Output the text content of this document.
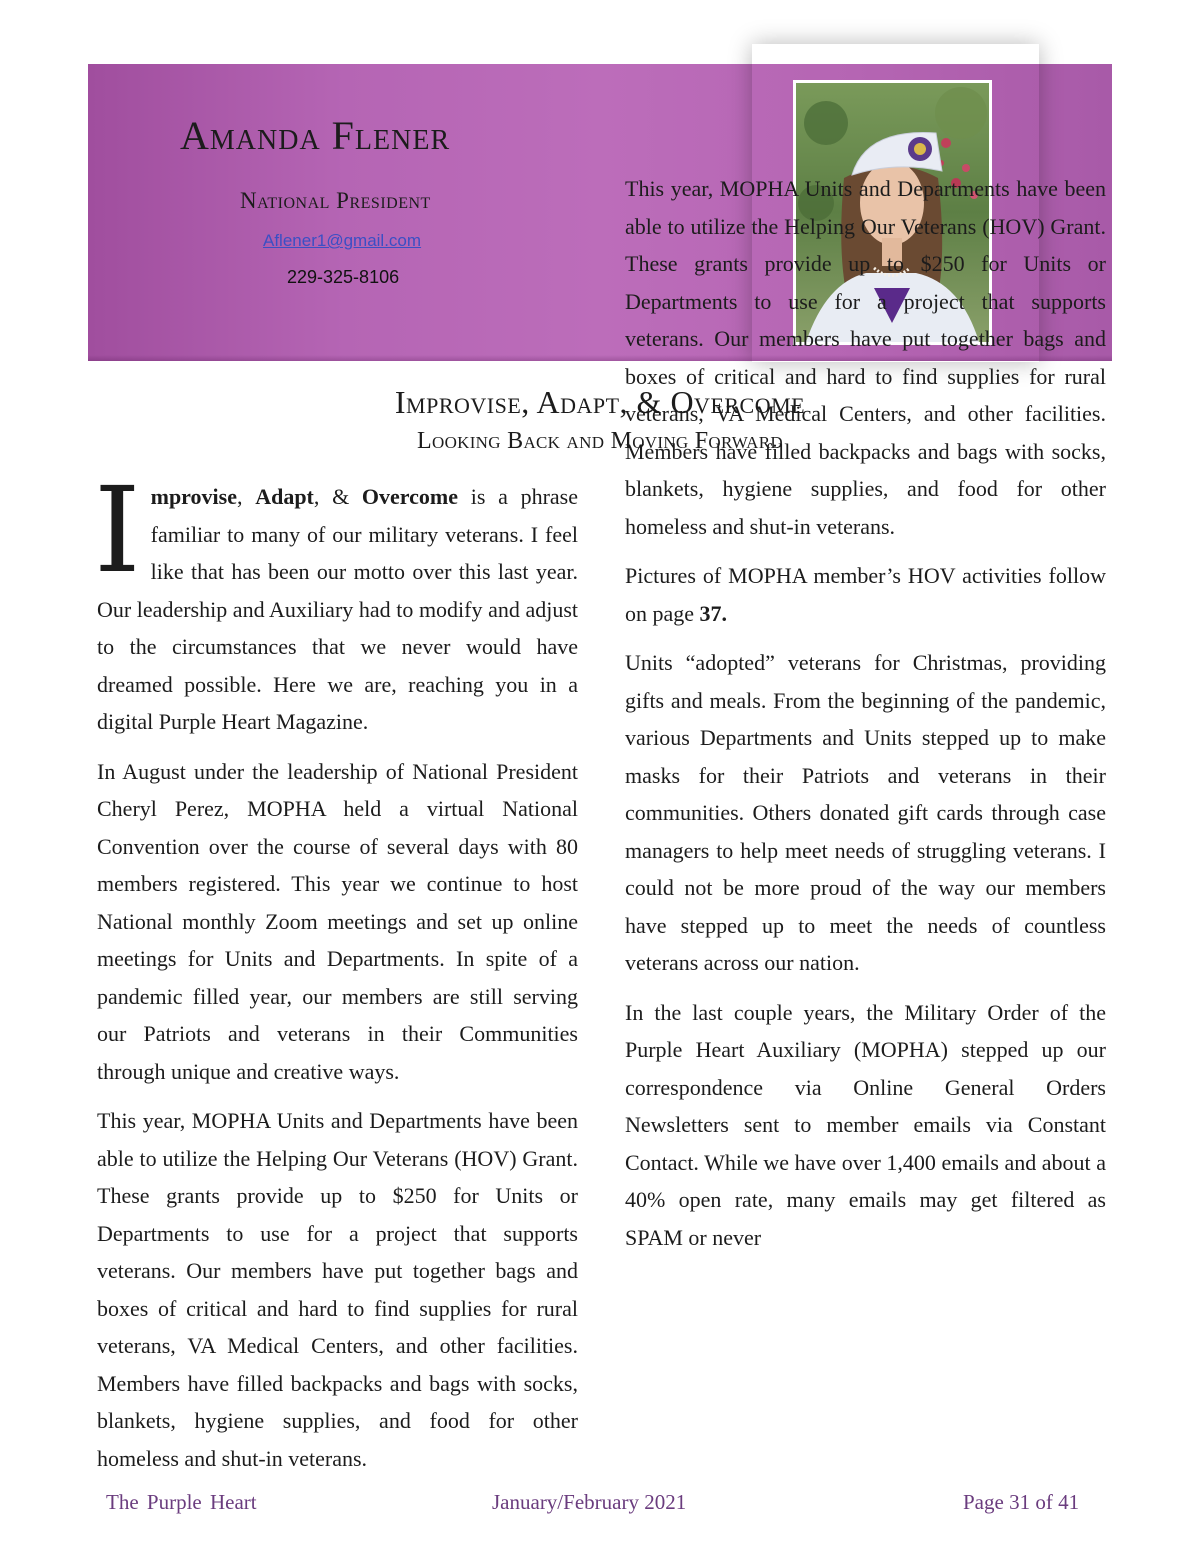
Amanda Flener
National President
Aflener1@gmail.com
229-325-8106
Improvise, Adapt, & Overcome
Looking Back and Moving Forward

Improvise, Adapt, & Overcome is a phrase familiar to many of our military veterans. I feel like that has been our motto over this last year. Our leadership and Auxiliary had to modify and adjust to the circumstances that we never would have dreamed possible. Here we are, reaching you in a digital Purple Heart Magazine.

In August under the leadership of National President Cheryl Perez, MOPHA held a virtual National Convention over the course of several days with 80 members registered. This year we continue to host National monthly Zoom meetings and set up online meetings for Units and Departments. In spite of a pandemic filled year, our members are still serving our Patriots and veterans in their Communities through unique and creative ways.

This year, MOPHA Units and Departments have been able to utilize the Helping Our Veterans (HOV) Grant. These grants provide up to $250 for Units or Departments to use for a project that supports veterans. Our members have put together bags and boxes of critical and hard to find supplies for rural veterans, VA Medical Centers, and other facilities. Members have filled backpacks and bags with socks, blankets, hygiene supplies, and food for other homeless and shut-in veterans.

This year, MOPHA Units and Departments have been able to utilize the Helping Our Veterans (HOV) Grant. These grants provide up to $250 for Units or Departments to use for a project that supports veterans. Our members have put together bags and boxes of critical and hard to find supplies for rural veterans, VA Medical Centers, and other facilities. Members have filled backpacks and bags with socks, blankets, hygiene supplies, and food for other homeless and shut-in veterans.

Pictures of MOPHA member’s HOV activities follow on page 37.

Units “adopted” veterans for Christmas, providing gifts and meals. From the beginning of the pandemic, various Departments and Units stepped up to make masks for their Patriots and veterans in their communities. Others donated gift cards through case managers to help meet needs of struggling veterans. I could not be more proud of the way our members have stepped up to meet the needs of countless veterans across our nation.

In the last couple years, the Military Order of the Purple Heart Auxiliary (MOPHA) stepped up our correspondence via Online General Orders Newsletters sent to member emails via Constant Contact. While we have over 1,400 emails and about a 40% open rate, many emails may get filtered as SPAM or never

The Purple Heart	January/February 2021	Page 31 of 41
